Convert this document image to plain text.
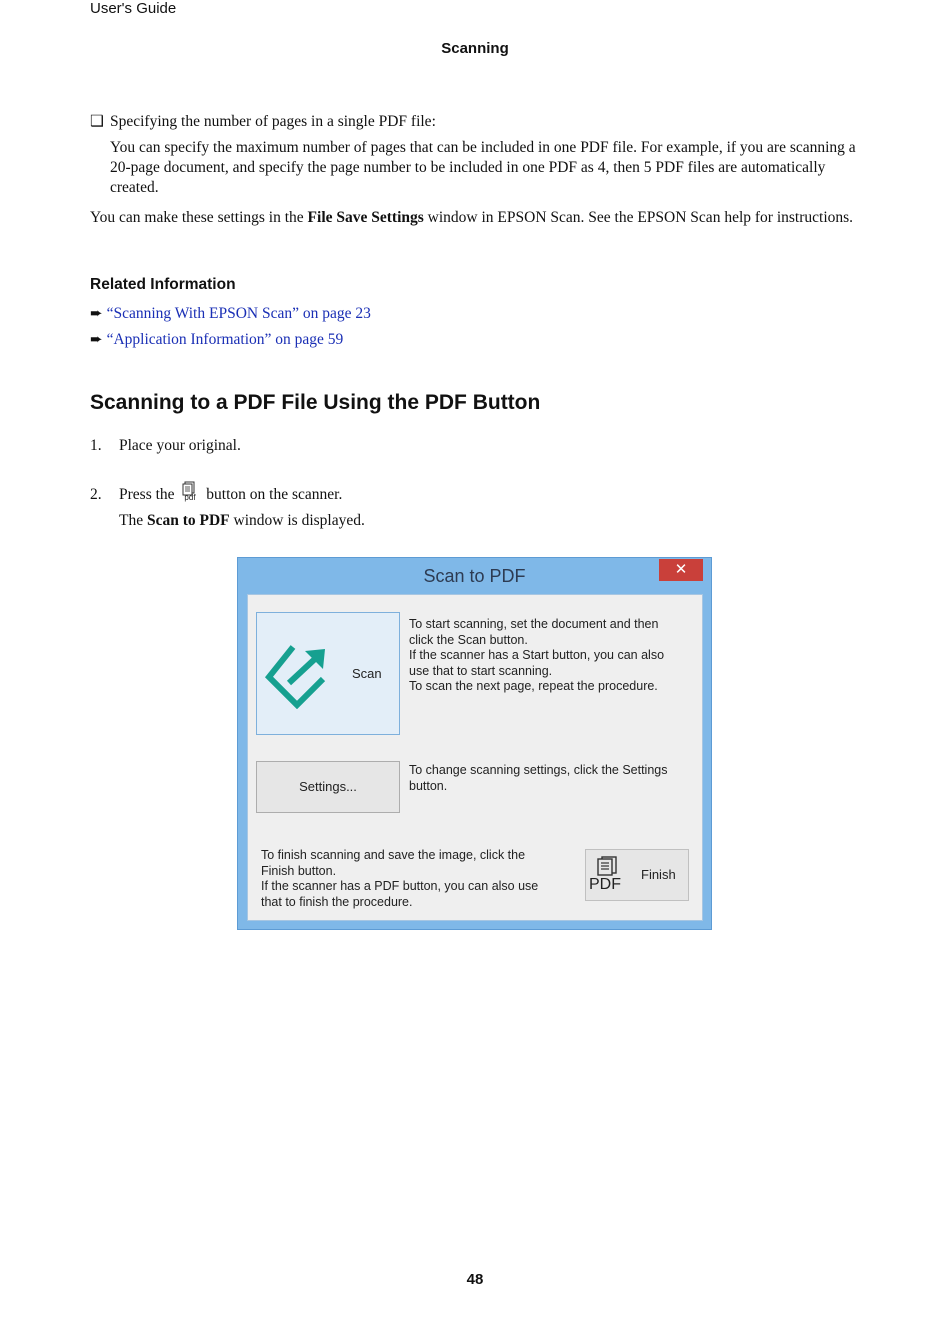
User's Guide
Scanning
❑ Specifying the number of pages in a single PDF file:
You can specify the maximum number of pages that can be included in one PDF file. For example, if you are scanning a 20-page document, and specify the page number to be included in one PDF as 4, then 5 PDF files are automatically created.
You can make these settings in the File Save Settings window in EPSON Scan. See the EPSON Scan help for instructions.
Related Information
➨ “Scanning With EPSON Scan” on page 23
➨ “Application Information” on page 59
Scanning to a PDF File Using the PDF Button
1. Place your original.
2.	Press the pdf button on the scanner.
The Scan to PDF window is displayed.
Scan to PDF	✕
Scan
To start scanning, set the document and then
click the Scan button.
If the scanner has a Start button, you can also
use that to start scanning.
To scan the next page, repeat the procedure.
Settings...
To change scanning settings, click the Settings
button.
To finish scanning and save the image, click the
Finish button.
If the scanner has a PDF button, you can also use
that to finish the procedure.
PDF
Finish
48
